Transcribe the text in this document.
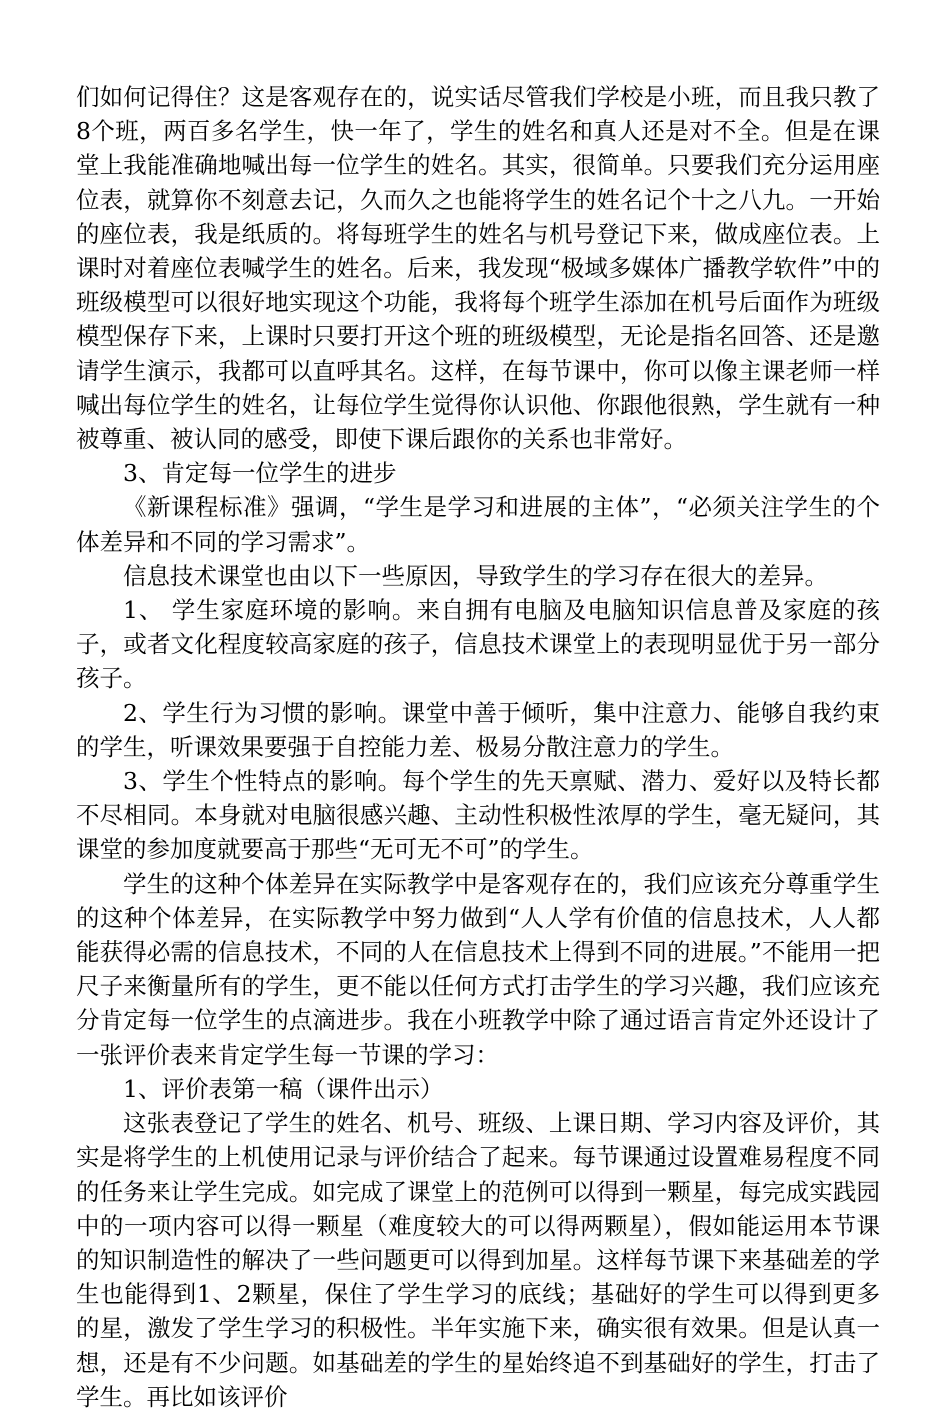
们如何记得住？这是客观存在的，说实话尽管我们学校是小班，而且我只教了8个班，两百多名学生，快一年了，学生的姓名和真人还是对不全。但是在课堂上我能准确地喊出每一位学生的姓名。其实，很简单。只要我们充分运用座位表，就算你不刻意去记，久而久之也能将学生的姓名记个十之八九。一开始的座位表，我是纸质的。将每班学生的姓名与机号登记下来，做成座位表。上课时对着座位表喊学生的姓名。后来，我发现“极域多媒体广播教学软件”中的班级模型可以很好地实现这个功能，我将每个班学生添加在机号后面作为班级模型保存下来，上课时只要打开这个班的班级模型，无论是指名回答、还是邀请学生演示，我都可以直呼其名。这样，在每节课中，你可以像主课老师一样喊出每位学生的姓名，让每位学生觉得你认识他、你跟他很熟，学生就有一种被尊重、被认同的感受，即使下课后跟你的关系也非常好。

3、肯定每一位学生的进步

《新课程标准》强调，“学生是学习和进展的主体”，“必须关注学生的个体差异和不同的学习需求”。

信息技术课堂也由以下一些原因，导致学生的学习存在很大的差异。

1、 学生家庭环境的影响。来自拥有电脑及电脑知识信息普及家庭的孩子，或者文化程度较高家庭的孩子，信息技术课堂上的表现明显优于另一部分孩子。

2、学生行为习惯的影响。课堂中善于倾听，集中注意力、能够自我约束的学生，听课效果要强于自控能力差、极易分散注意力的学生。

3、学生个性特点的影响。每个学生的先天禀赋、潜力、爱好以及特长都不尽相同。本身就对电脑很感兴趣、主动性积极性浓厚的学生，毫无疑问，其课堂的参加度就要高于那些“无可无不可”的学生。

学生的这种个体差异在实际教学中是客观存在的，我们应该充分尊重学生的这种个体差异，在实际教学中努力做到“人人学有价值的信息技术，人人都能获得必需的信息技术，不同的人在信息技术上得到不同的进展。”不能用一把尺子来衡量所有的学生，更不能以任何方式打击学生的学习兴趣，我们应该充分肯定每一位学生的点滴进步。我在小班教学中除了通过语言肯定外还设计了一张评价表来肯定学生每一节课的学习：

1、评价表第一稿（课件出示）

这张表登记了学生的姓名、机号、班级、上课日期、学习内容及评价，其实是将学生的上机使用记录与评价结合了起来。每节课通过设置难易程度不同的任务来让学生完成。如完成了课堂上的范例可以得到一颗星，每完成实践园中的一项内容可以得一颗星（难度较大的可以得两颗星），假如能运用本节课的知识制造性的解决了一些问题更可以得到加星。这样每节课下来基础差的学生也能得到1、2颗星，保住了学生学习的底线；基础好的学生可以得到更多的星，激发了学生学习的积极性。半年实施下来，确实很有效果。但是认真一想，还是有不少问题。如基础差的学生的星始终追不到基础好的学生，打击了学生。再比如该评价
